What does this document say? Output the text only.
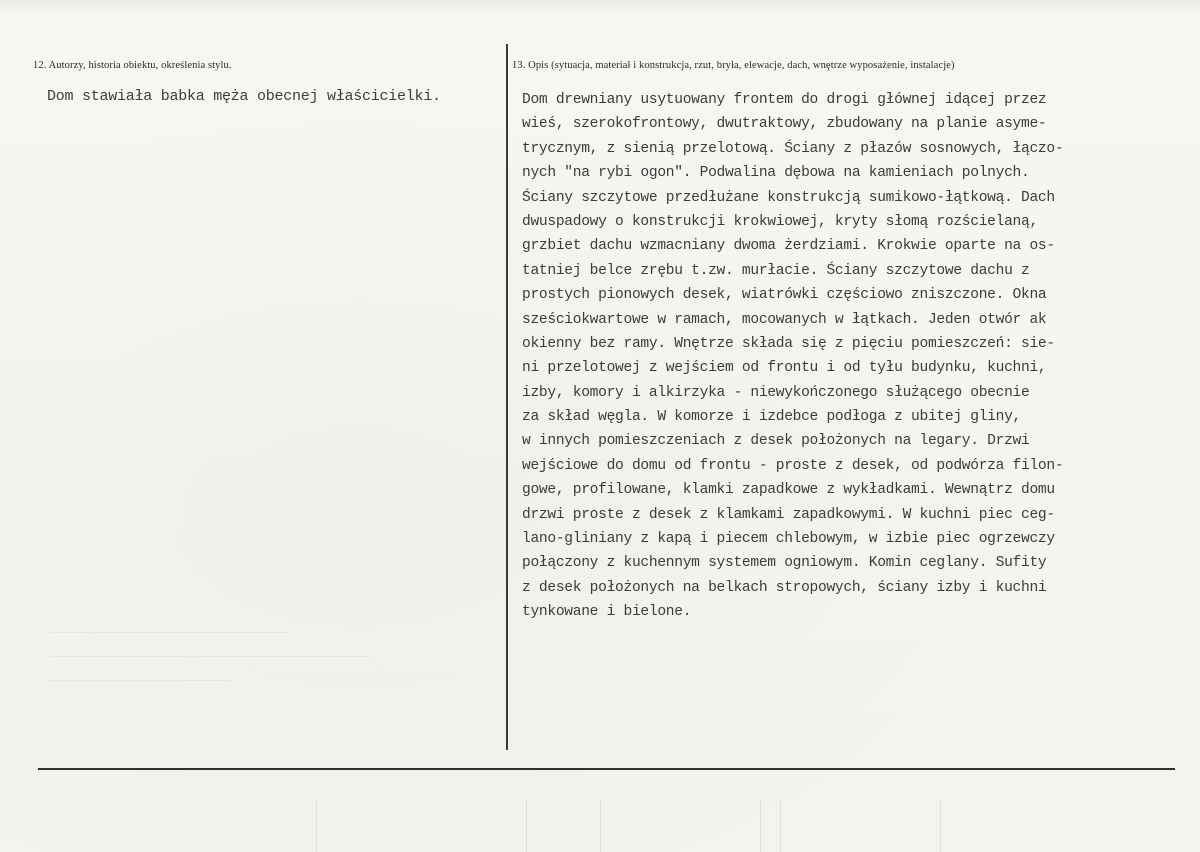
12. Autorzy, historia obiektu, określenia stylu.	13. Opis (sytuacja, materiał i konstrukcja, rzut, bryła, elewacje, dach, wnętrze wyposażenie, instalacje)
Dom stawiała babka męża obecnej właścicielki.	Dom drewniany usytuowany frontem do drogi głównej idącej przez
wieś, szerokofrontowy, dwutraktowy, zbudowany na planie asyme-
trycznym, z sienią przelotową. Ściany z płazów sosnowych, łączo-
nych "na rybi ogon". Podwalina dębowa na kamieniach polnych.
Ściany szczytowe przedłużane konstrukcją sumikowo-łątkową. Dach
dwuspadowy o konstrukcji krokwiowej, kryty słomą rozścielaną,
grzbiet dachu wzmacniany dwoma żerdziami. Krokwie oparte na os-
tatniej belce zrębu t.zw. murłacie. Ściany szczytowe dachu z
prostych pionowych desek, wiatrówki częściowo zniszczone. Okna
sześciokwartowe w ramach, mocowanych w łątkach. Jeden otwór ak
okienny bez ramy. Wnętrze składa się z pięciu pomieszczeń: sie-
ni przelotowej z wejściem od frontu i od tyłu budynku, kuchni,
izby, komory i alkirzyka - niewykończonego służącego obecnie
za skład węgla. W komorze i izdebce podłoga z ubitej gliny,
w innych pomieszczeniach z desek położonych na legary. Drzwi
wejściowe do domu od frontu - proste z desek, od podwórza filon-
gowe, profilowane, klamki zapadkowe z wykładkami. Wewnątrz domu
drzwi proste z desek z klamkami zapadkowymi. W kuchni piec ceg-
lano-gliniany z kapą i piecem chlebowym, w izbie piec ogrzewczy
połączony z kuchennym systemem ogniowym. Komin ceglany. Sufity
z desek położonych na belkach stropowych, ściany izby i kuchni
tynkowane i bielone.
